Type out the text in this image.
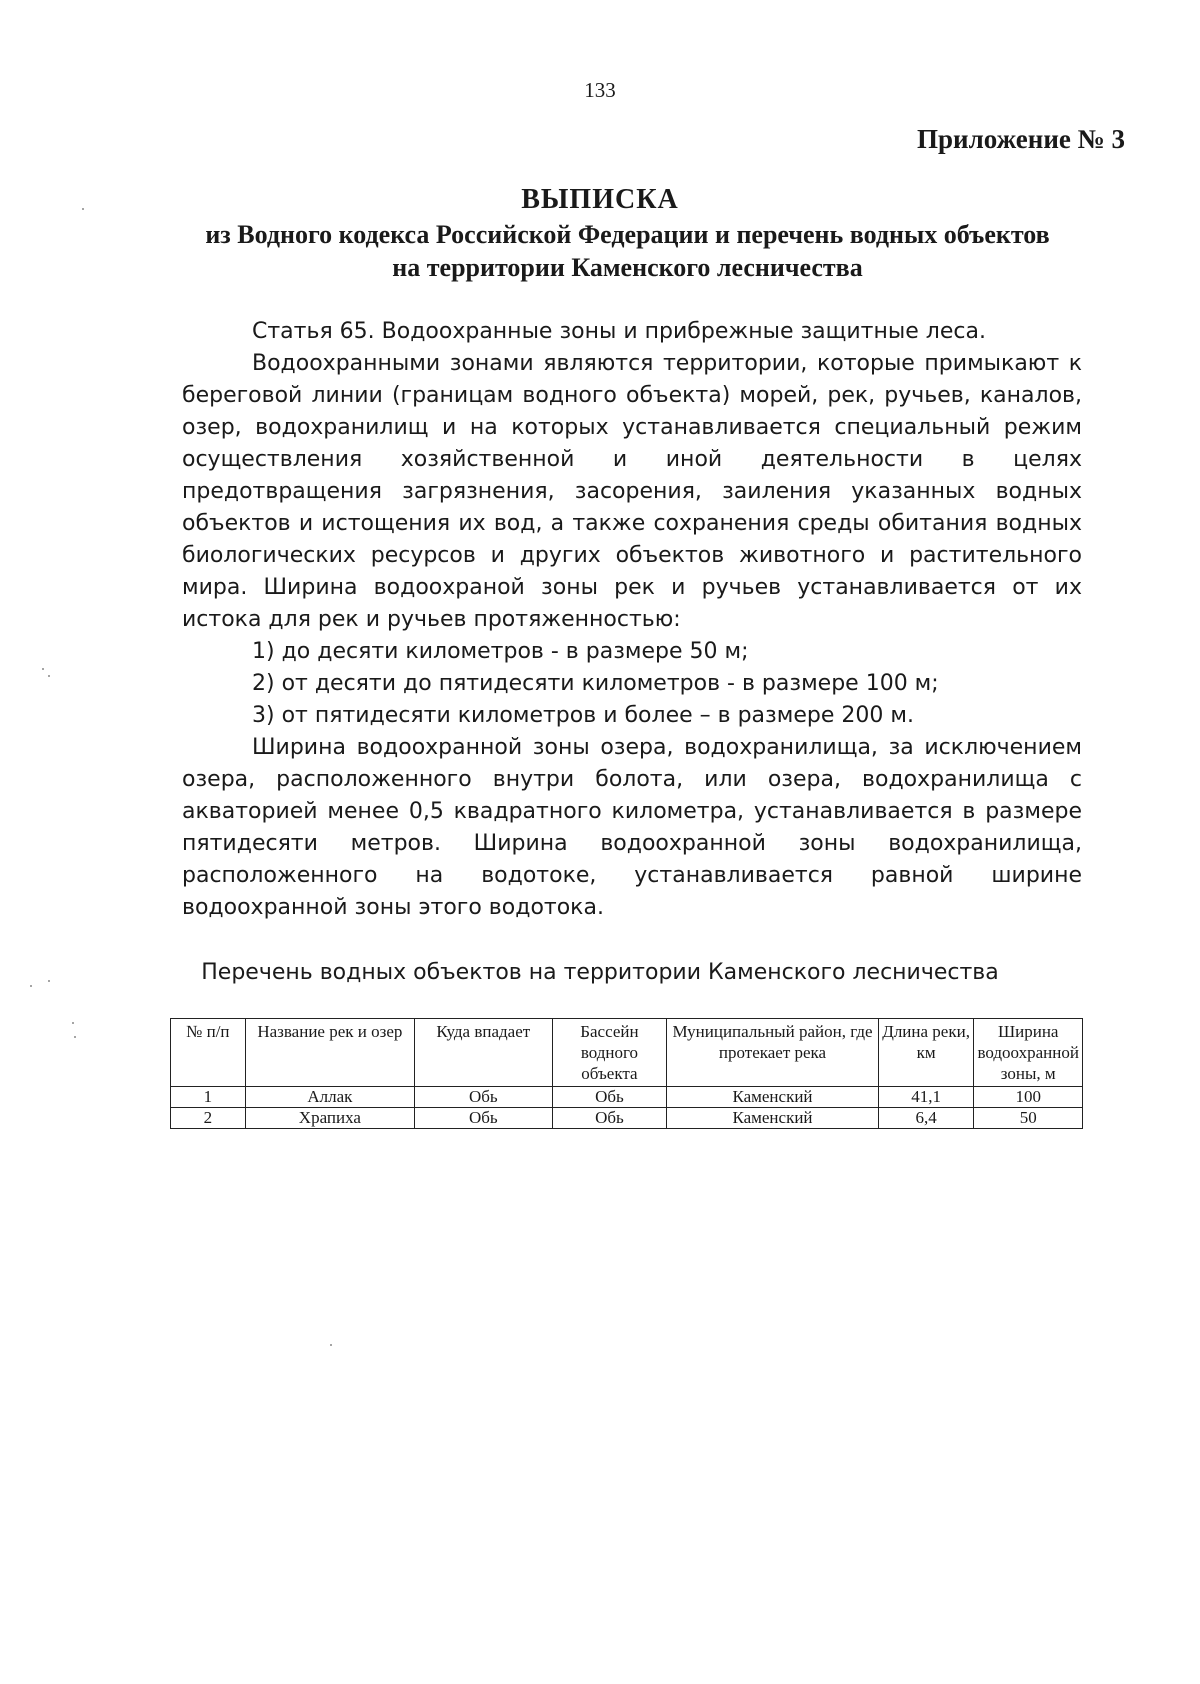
133
Приложение № 3
ВЫПИСКА
из Водного кодекса Российской Федерации и перечень водных объектов
на территории Каменского лесничества

Статья 65. Водоохранные зоны и прибрежные защитные леса.

Водоохранными зонами являются территории, которые примыкают к береговой линии (границам водного объекта) морей, рек, ручьев, каналов, озер, водохранилищ и на которых устанавливается специальный режим осуществления хозяйственной и иной деятельности в целях предотвращения загрязнения, засорения, заиления указанных водных объектов и истощения их вод, а также сохранения среды обитания водных биологических ресурсов и других объектов животного и растительного мира. Ширина водоохраной зоны рек и ручьев устанавливается от их истока для рек и ручьев протяженностью:

1) до десяти километров - в размере 50 м;

2) от десяти до пятидесяти километров - в размере 100 м;

3) от пятидесяти километров и более – в размере 200 м.

Ширина водоохранной зоны озера, водохранилища, за исключением озера, расположенного внутри болота, или озера, водохранилища с акваторией менее 0,5 квадратного километра, устанавливается в размере пятидесяти метров. Ширина водоохранной зоны водохранилища, расположенного на водотоке, устанавливается равной ширине водоохранной зоны этого водотока.

Перечень водных объектов на территории Каменского лесничества
№ п/п	Название рек и озер	Куда впадает	Бассейн водного объекта	Муниципальный район, где протекает река	Длина реки, км	Ширина водоохранной зоны, м
1	Аллак	Обь	Обь	Каменский	41,1	100
2	Храпиха	Обь	Обь	Каменский	6,4	50
